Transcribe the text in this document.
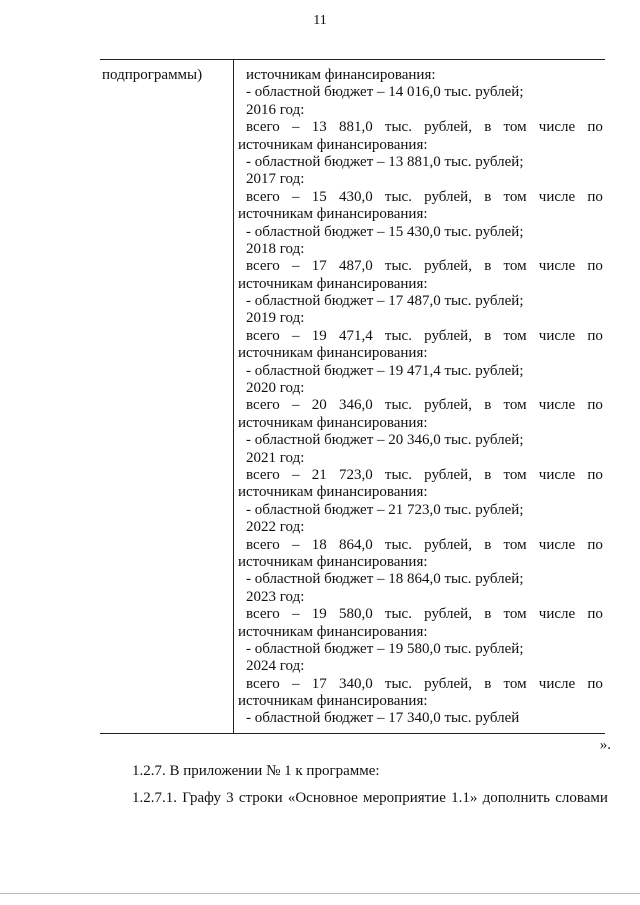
11
подпрограммы)	источникам финансирования:
- областной бюджет – 14 016,0 тыс. рублей;
2016 год:
всего – 13 881,0 тыс. рублей, в том числе по
источникам финансирования:
- областной бюджет – 13 881,0 тыс. рублей;
2017 год:
всего – 15 430,0 тыс. рублей, в том числе по
источникам финансирования:
- областной бюджет – 15 430,0 тыс. рублей;
2018 год:
всего – 17 487,0 тыс. рублей, в том числе по
источникам финансирования:
- областной бюджет – 17 487,0 тыс. рублей;
2019 год:
всего – 19 471,4 тыс. рублей, в том числе по
источникам финансирования:
- областной бюджет – 19 471,4 тыс. рублей;
2020 год:
всего – 20 346,0 тыс. рублей, в том числе по
источникам финансирования:
- областной бюджет – 20 346,0 тыс. рублей;
2021 год:
всего – 21 723,0 тыс. рублей, в том числе по
источникам финансирования:
- областной бюджет – 21 723,0 тыс. рублей;
2022 год:
всего – 18 864,0 тыс. рублей, в том числе по
источникам финансирования:
- областной бюджет – 18 864,0 тыс. рублей;
2023 год:
всего – 19 580,0 тыс. рублей, в том числе по
источникам финансирования:
- областной бюджет – 19 580,0 тыс. рублей;
2024 год:
всего – 17 340,0 тыс. рублей, в том числе по
источникам финансирования:
- областной бюджет – 17 340,0 тыс. рублей
».
1.2.7. В приложении № 1 к программе:
1.2.7.1. Графу 3 строки «Основное мероприятие 1.1» дополнить словами
